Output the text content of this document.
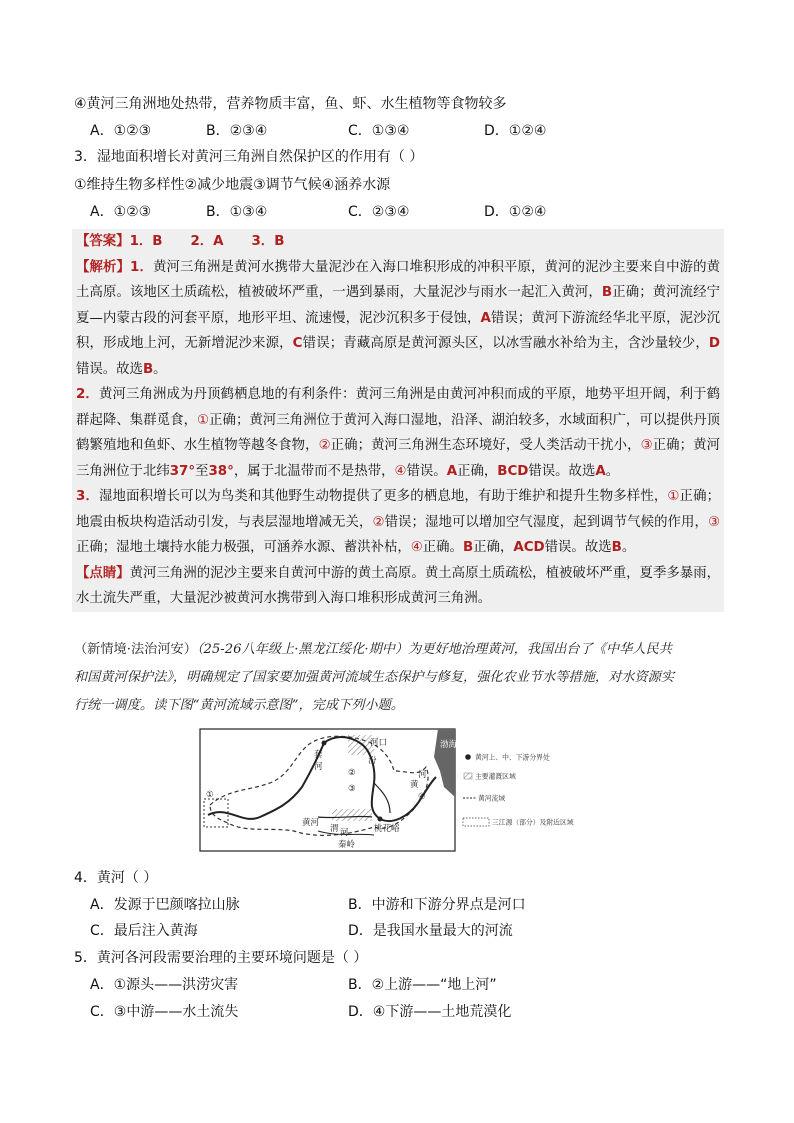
④黄河三角洲地处热带，营养物质丰富，鱼、虾、水生植物等食物较多
A．①②③	B．②③④	C．①③④	D．①②④
3．湿地面积增长对黄河三角洲自然保护区的作用有（ ）
①维持生物多样性②减少地震③调节气候④涵养水源
A．①②③	B．①③④	C．②③④	D．①②④

【答案】1．B      2．A      3．B

【解析】1．黄河三角洲是黄河水携带大量泥沙在入海口堆积形成的冲积平原，黄河的泥沙主要来自中游的黄土高原。该地区土质疏松，植被破坏严重，一遇到暴雨，大量泥沙与雨水一起汇入黄河，B正确；黄河流经宁夏—内蒙古段的河套平原，地形平坦、流速慢，泥沙沉积多于侵蚀，A错误；黄河下游流经华北平原，泥沙沉积，形成地上河，无新增泥沙来源，C错误；青藏高原是黄河源头区，以冰雪融水补给为主，含沙量较少，D错误。故选B。

2．黄河三角洲成为丹顶鹤栖息地的有利条件：黄河三角洲是由黄河冲积而成的平原，地势平坦开阔，利于鹤群起降、集群觅食，①正确；黄河三角洲位于黄河入海口湿地，沿泽、湖泊较多，水域面积广，可以提供丹顶鹤繁殖地和鱼虾、水生植物等越冬食物，②正确；黄河三角洲生态环境好，受人类活动干扰小，③正确；黄河三角洲位于北纬37°至38°，属于北温带而不是热带，④错误。A正确，BCD错误。故选A。

3．湿地面积增长可以为鸟类和其他野生动物提供了更多的栖息地，有助于维护和提升生物多样性，①正确；地震由板块构造活动引发，与表层湿地增减无关，②错误；湿地可以增加空气湿度，起到调节气候的作用，③正确；湿地土壤持水能力极强，可涵养水源、蓄洪补枯，④正确。B正确，ACD错误。故选B。

【点睛】黄河三角洲的泥沙主要来自黄河中游的黄土高原。黄土高原土质疏松，植被破坏严重，夏季多暴雨，水土流失严重，大量泥沙被黄河水携带到入海口堆积形成黄河三角洲。

（新情境·法治河安）（25-26八年级上·黑龙江绥化·期中）为更好地治理黄河，我国出台了《中华人民共
和国黄河保护法》，明确规定了国家要加强黄河流域生态保护与修复，强化农业节水等措施，对水资源实
行统一调度。读下图“黄河流域示意图”，完成下列小题。
渤海
黄
河
①
②
③
④
桃花峪
秦岭
黄河
套
河
河口
渭 河
汾	黄河上、中、下游分界处
主要灌溉区域
黄河流域
三江源（部分）及附近区域
4．黄河（ ）
A．发源于巴颜喀拉山脉	B．中游和下游分界点是河口
C．最后注入黄海	D．是我国水量最大的河流
5．黄河各河段需要治理的主要环境问题是（ ）
A．①源头——洪涝灾害	B．②上游——“地上河”
C．③中游——水土流失	D．④下游——土地荒漠化
